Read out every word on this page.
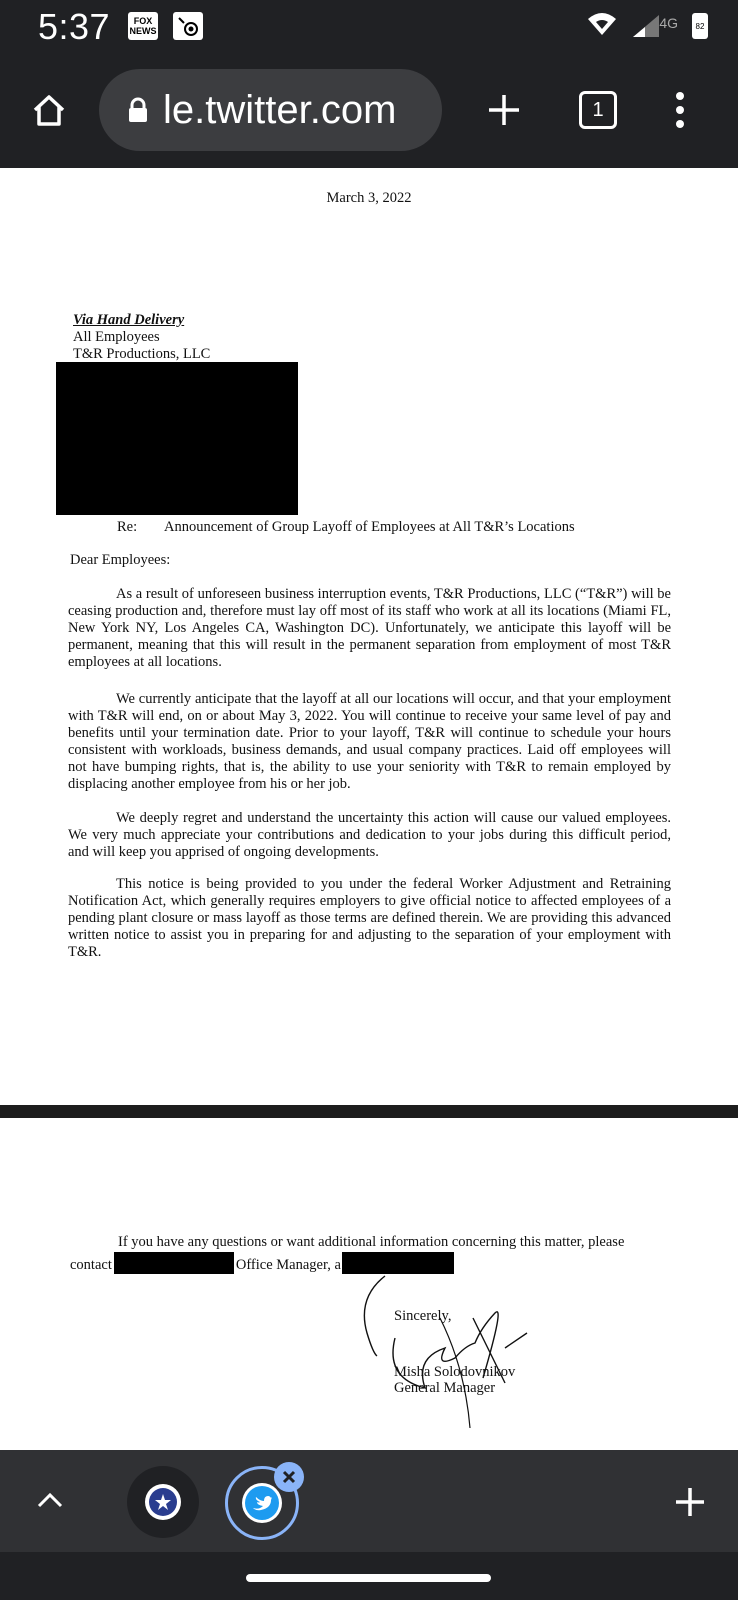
5:37	FOX
NEWS	4G	82
le.twitter.com	1
March 3, 2022
Via Hand Delivery
All Employees
T&R Productions, LLC
Re: Announcement of Group Layoff of Employees at All T&R’s Locations
Dear Employees:
As a result of unforeseen business interruption events, T&R Productions, LLC (“T&R”) will be ceasing production and, therefore must lay off most of its staff who work at all its locations (Miami FL, New York NY, Los Angeles CA, Washington DC). Unfortunately, we anticipate this layoff will be permanent, meaning that this will result in the permanent separation from employment of most T&R employees at all locations.
We currently anticipate that the layoff at all our locations will occur, and that your employment with T&R will end, on or about May 3, 2022. You will continue to receive your same level of pay and benefits until your termination date. Prior to your layoff, T&R will continue to schedule your hours consistent with workloads, business demands, and usual company practices. Laid off employees will not have bumping rights, that is, the ability to use your seniority with T&R to remain employed by displacing another employee from his or her job.
We deeply regret and understand the uncertainty this action will cause our valued employees. We very much appreciate your contributions and dedication to your jobs during this difficult period, and will keep you apprised of ongoing developments.
This notice is being provided to you under the federal Worker Adjustment and Retraining Notification Act, which generally requires employers to give official notice to affected employees of a pending plant closure or mass layoff as those terms are defined therein. We are providing this advanced written notice to assist you in preparing for and adjusting to the separation of your employment with T&R.
If you have any questions or want additional information concerning this matter, please
contact	Office Manager, a
Sincerely,
Misha Solodovnikov
General Manager
